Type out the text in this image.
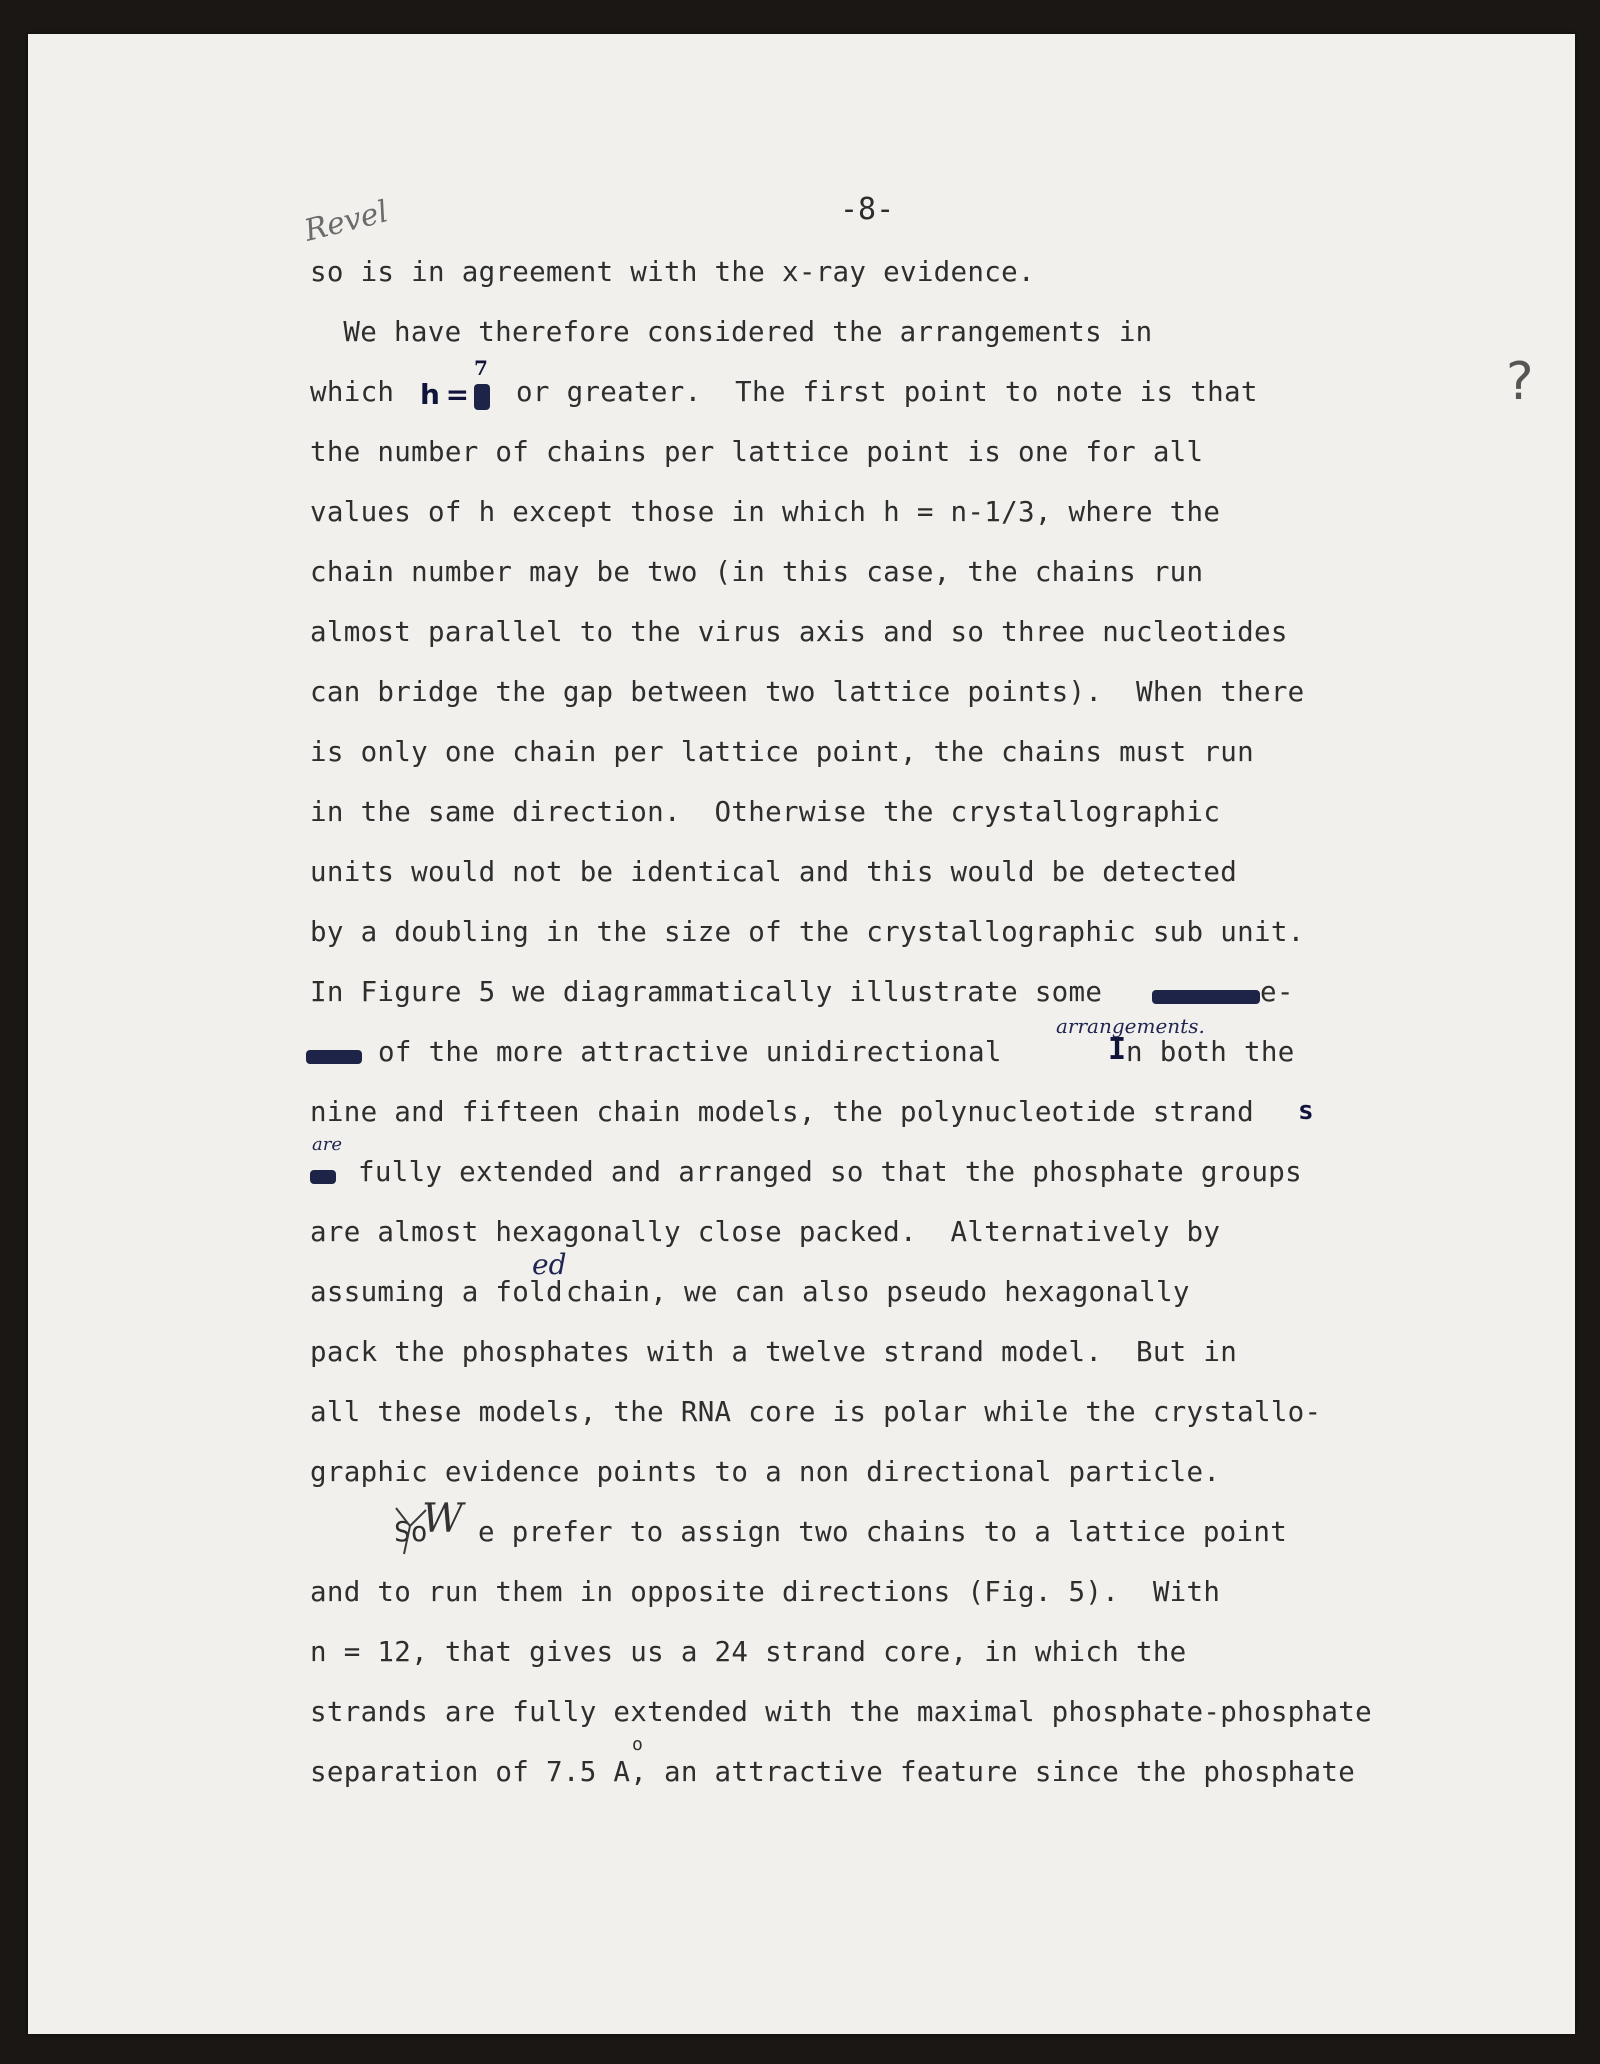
-8-
Revel
?
so is in agreement with the x-ray evidence.
We have therefore considered the arrangements in
which h =
7
or greater.  The first point to note is that
the number of chains per lattice point is one for all
values of h except those in which h = n-1/3, where the
chain number may be two (in this case, the chains run
almost parallel to the virus axis and so three nucleotides
can bridge the gap between two lattice points).  When there
is only one chain per lattice point, the chains must run
in the same direction.  Otherwise the crystallographic
units would not be identical and this would be detected
by a doubling in the size of the crystallographic sub unit.
In Figure 5 we diagrammatically illustrate some	e-
arrangements.
of the more attractive unidirectional	I n both the
nine and fifteen chain models, the polynucleotide strand s
are
fully extended and arranged so that the phosphate groups
are almost hexagonally close packed.  Alternatively by
assuming a fold
ed
chain, we can also pseudo hexagonally
pack the phosphates with a twelve strand model.  But in
all these models, the RNA core is polar while the crystallo-
graphic evidence points to a non directional particle.
So
W e prefer to assign two chains to a lattice point
and to run them in opposite directions (Fig. 5).  With
n = 12, that gives us a 24 strand core, in which the
strands are fully extended with the maximal phosphate-phosphate
o
separation of 7.5 A, an attractive feature since the phosphate
